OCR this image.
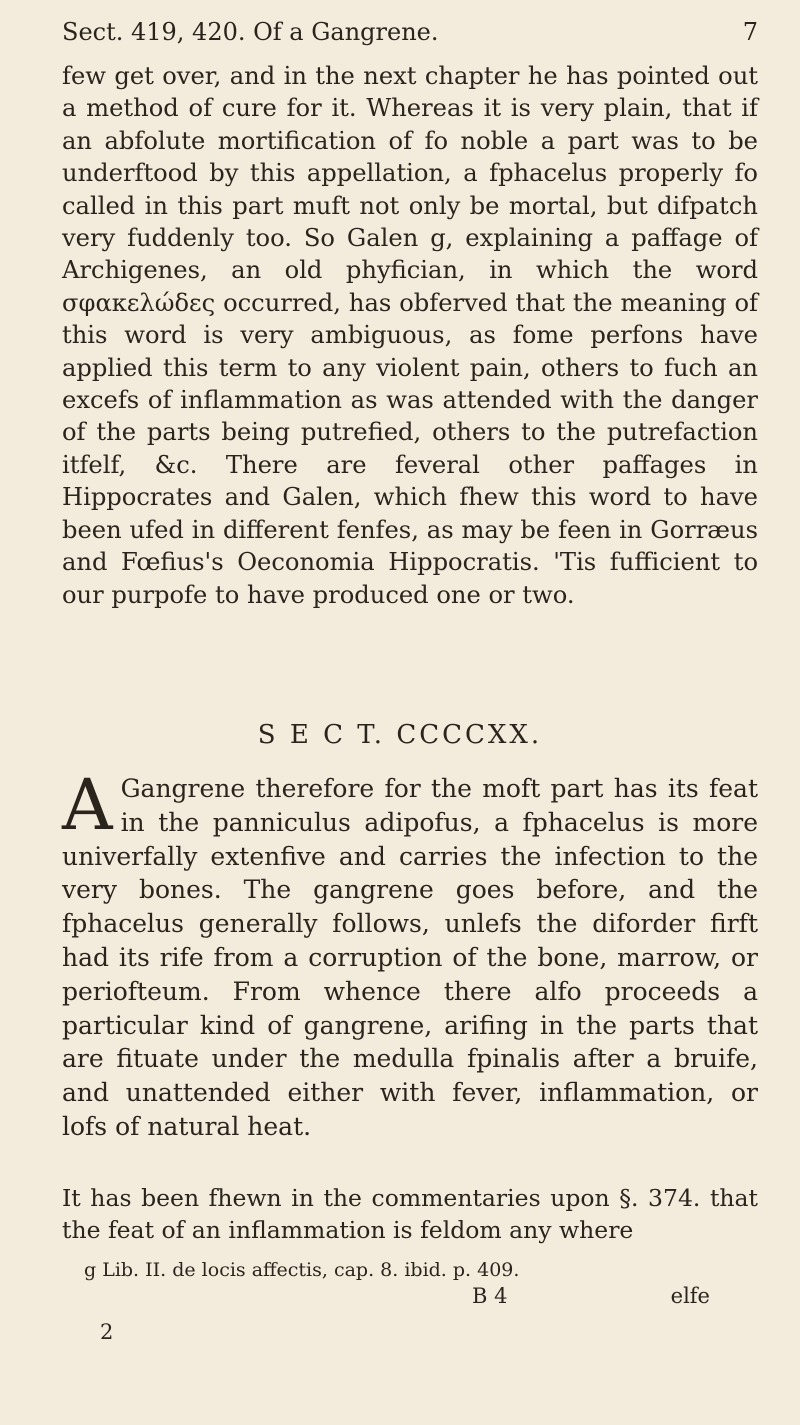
Sect. 419, 420. Of a Gangrene.	7

few get over, and in the next chapter he has pointed out a method of cure for it. Whereas it is very plain, that if an abfolute mortification of fo noble a part was to be underftood by this appellation, a fphacelus properly fo called in this part muft not only be mortal, but difpatch very fuddenly too. So Galen g, explaining a paffage of Archigenes, an old phyfician, in which the word σφακελώδες occurred, has obferved that the meaning of this word is very ambiguous, as fome perfons have applied this term to any violent pain, others to fuch an excefs of inflammation as was attended with the danger of the parts being putrefied, others to the putrefaction itfelf, &c. There are feveral other paffages in Hippocrates and Galen, which fhew this word to have been ufed in different fenfes, as may be feen in Gorræus and Fœfius's Oeconomia Hippocratis. 'Tis fufficient to our purpofe to have produced one or two.

S E C T. CCCCXX.
A Gangrene therefore for the moft part has its feat in the panniculus adipofus, a fphacelus is more univerfally extenfive and carries the infection to the very bones. The gangrene goes before, and the fphacelus generally follows, unlefs the diforder firft had its rife from a corruption of the bone, marrow, or periofteum. From whence there alfo proceeds a particular kind of gangrene, arifing in the parts that are fituate under the medulla fpinalis after a bruife, and unattended either with fever, inflammation, or lofs of natural heat.

It has been fhewn in the commentaries upon §. 374. that the feat of an inflammation is feldom any where

g Lib. II. de locis affectis, cap. 8. ibid. p. 409.
B 4	elfe
2
